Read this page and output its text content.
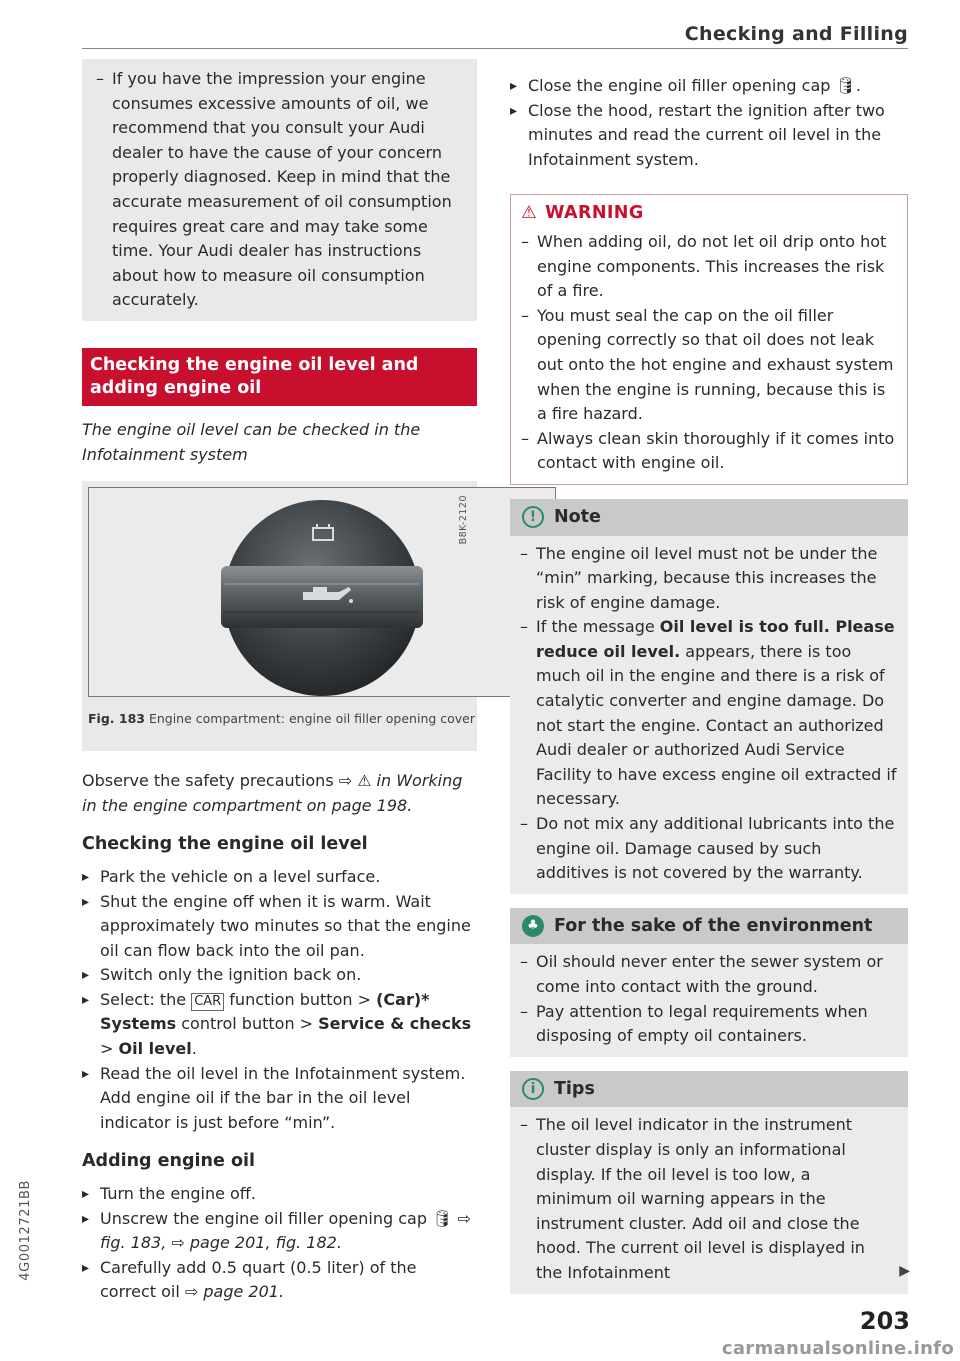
Checking and Filling
– If you have the impression your engine consumes excessive amounts of oil, we recommend that you consult your Audi dealer to have the cause of your concern properly diagnosed. Keep in mind that the accurate measurement of oil consumption requires great care and may take some time. Your Audi dealer has instructions about how to measure oil consumption accurately.
Checking the engine oil level and adding engine oil

The engine oil level can be checked in the Infotainment system

B8K-2120
Fig. 183 Engine compartment: engine oil filler opening cover

Observe the safety precautions ⇨ ⚠ in Working in the engine compartment on page 198.

Checking the engine oil level
▸ Park the vehicle on a level surface.
▸ Shut the engine off when it is warm. Wait approximately two minutes so that the engine oil can flow back into the oil pan.
▸ Switch only the ignition back on.
▸ Select: the CAR function button > (Car)* Systems control button > Service & checks > Oil level.
▸ Read the oil level in the Infotainment system. Add engine oil if the bar in the oil level indicator is just before “min”.
Adding engine oil
▸ Turn the engine off.
▸ Unscrew the engine oil filler opening cap 🛢 ⇨ fig. 183, ⇨ page 201, fig. 182.
▸ Carefully add 0.5 quart (0.5 liter) of the correct oil ⇨ page 201.
▸ Close the engine oil filler opening cap 🛢.
▸ Close the hood, restart the ignition after two minutes and read the current oil level in the Infotainment system.
⚠ WARNING
– When adding oil, do not let oil drip onto hot engine components. This increases the risk of a fire.
– You must seal the cap on the oil filler opening correctly so that oil does not leak out onto the hot engine and exhaust system when the engine is running, because this is a fire hazard.
– Always clean skin thoroughly if it comes into contact with engine oil.
!	Note
– The engine oil level must not be under the “min” marking, because this increases the risk of engine damage.
– If the message Oil level is too full. Please reduce oil level. appears, there is too much oil in the engine and there is a risk of catalytic converter and engine damage. Do not start the engine. Contact an authorized Audi dealer or authorized Audi Service Facility to have excess engine oil extracted if necessary.
– Do not mix any additional lubricants into the engine oil. Damage caused by such additives is not covered by the warranty.
♣ For the sake of the environment
– Oil should never enter the sewer system or come into contact with the ground.
– Pay attention to legal requirements when disposing of empty oil containers.
i	Tips
– The oil level indicator in the instrument cluster display is only an informational display. If the oil level is too low, a minimum oil warning appears in the instrument cluster. Add oil and close the hood. The current oil level is displayed in the Infotainment	▶
4G0012721BB
203
carmanualsonline.info
